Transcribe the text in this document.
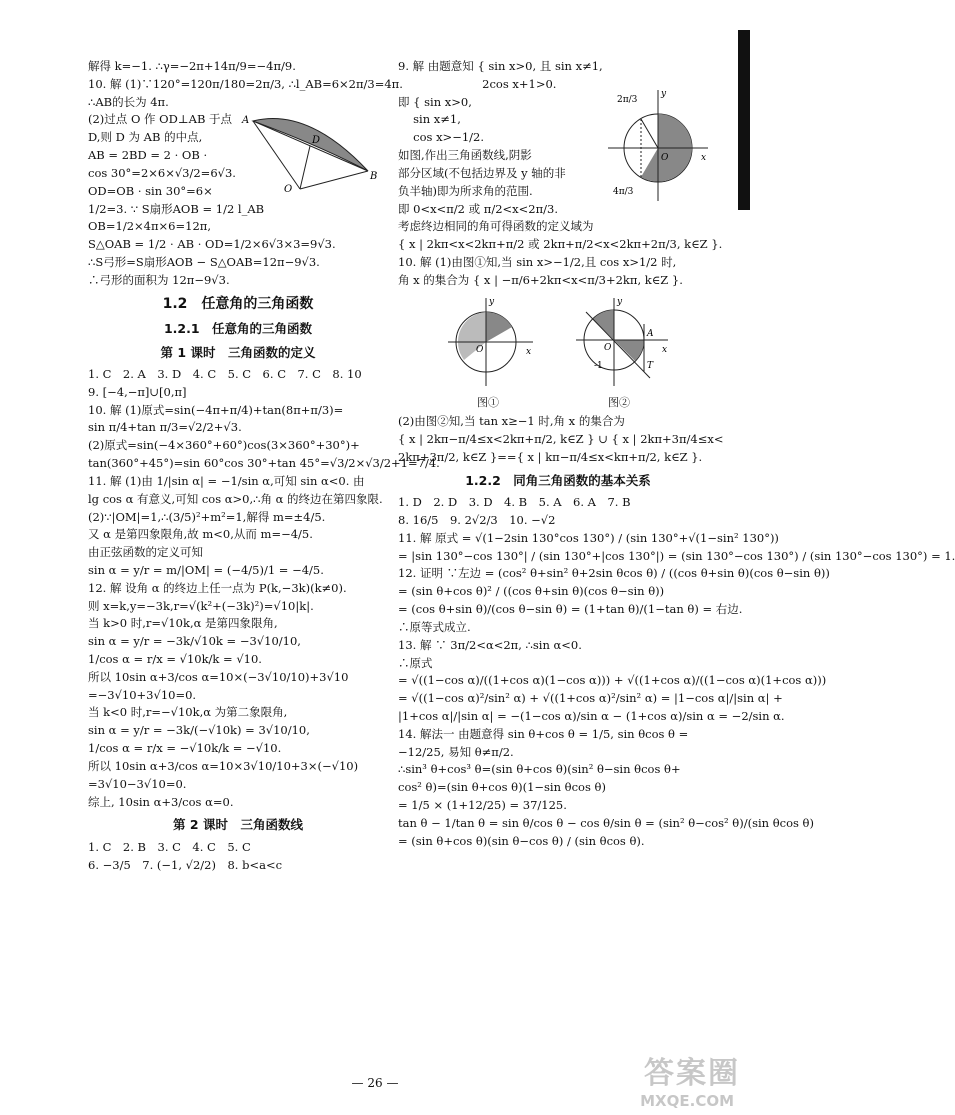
解得 k=−1. ∴γ=−2π+14π/9=−4π/9.

10. 解 (1)∵120°=120π/180=2π/3, ∴l_AB=6×2π/3=4π.

∴AB的长为 4π.

(2)过点 O 作 OD⊥AB 于点

D,则 D 为 AB 的中点,

AB = 2BD = 2 · OB ·

cos 30°=2×6×√3/2=6√3.

OD=OB · sin 30°=6×

1/2=3. ∵ S扇形AOB = 1/2 l_AB

A
D
O
B

OB=1/2×4π×6=12π,

S△OAB = 1/2 · AB · OD=1/2×6√3×3=9√3.

∴S弓形=S扇形AOB − S△OAB=12π−9√3.

∴弓形的面积为 12π−9√3.

1.2　任意角的三角函数

1.2.1　任意角的三角函数

第 1 课时　三角函数的定义

1. C　2. A　3. D　4. C　5. C　6. C　7. C　8. 10

9. [−4,−π]∪[0,π]

10. 解 (1)原式=sin(−4π+π/4)+tan(8π+π/3)=

sin π/4+tan π/3=√2/2+√3.

(2)原式=sin(−4×360°+60°)cos(3×360°+30°)+

tan(360°+45°)=sin 60°cos 30°+tan 45°=√3/2×√3/2+1=7/4.

11. 解 (1)由 1/|sin α| = −1/sin α,可知 sin α<0. 由

lg cos α 有意义,可知 cos α>0,∴角 α 的终边在第四象限.

(2)∵|OM|=1,∴(3/5)²+m²=1,解得 m=±4/5.

又 α 是第四象限角,故 m<0,从而 m=−4/5.

由正弦函数的定义可知

sin α = y/r = m/|OM| = (−4/5)/1 = −4/5.

12. 解 设角 α 的终边上任一点为 P(k,−3k)(k≠0).

则 x=k,y=−3k,r=√(k²+(−3k)²)=√10|k|.

当 k>0 时,r=√10k,α 是第四象限角,

sin α = y/r = −3k/√10k = −3√10/10,

1/cos α = r/x = √10k/k = √10.

所以 10sin α+3/cos α=10×(−3√10/10)+3√10

=−3√10+3√10=0.

当 k<0 时,r=−√10k,α 为第二象限角,

sin α = y/r = −3k/(−√10k) = 3√10/10,

1/cos α = r/x = −√10k/k = −√10.

所以 10sin α+3/cos α=10×3√10/10+3×(−√10)

=3√10−3√10=0.

综上, 10sin α+3/cos α=0.

第 2 课时　三角函数线

1. C　2. B　3. C　4. C　5. C

6. −3/5　7. (−1, √2/2)　8. b<a<c

9. 解 由题意知 { sin x>0, 且 sin x≠1,

　　　　　　　 2cos x+1>0.

即 { sin x>0,

　 sin x≠1,

　 cos x>−1/2.

如图,作出三角函数线,阴影

部分区域(不包括边界及 y 轴的非

负半轴)即为所求角的范围.

2π/3
4π/3
y
x
O

即 0<x<π/2 或 π/2<x<2π/3.

考虑终边相同的角可得函数的定义域为

{ x | 2kπ<x<2kπ+π/2 或 2kπ+π/2<x<2kπ+2π/3, k∈Z }.

10. 解 (1)由图①知,当 sin x>−1/2,且 cos x>1/2 时,

角 x 的集合为 { x | −π/6+2kπ<x<π/3+2kπ, k∈Z }.

y
x
O
图①
y
x
O
A
T
-1
图②

(2)由图②知,当 tan x≥−1 时,角 x 的集合为

{ x | 2kπ−π/4≤x<2kπ+π/2, k∈Z } ∪ { x | 2kπ+3π/4≤x<

2kπ+3π/2, k∈Z }=={ x | kπ−π/4≤x<kπ+π/2, k∈Z }.

1.2.2　同角三角函数的基本关系

1. D　2. D　3. D　4. B　5. A　6. A　7. B

8. 16/5　9. 2√2/3　10. −√2

11. 解 原式 = √(1−2sin 130°cos 130°) / (sin 130°+√(1−sin² 130°))

= |sin 130°−cos 130°| / (sin 130°+|cos 130°|) = (sin 130°−cos 130°) / (sin 130°−cos 130°) = 1.

12. 证明 ∵左边 = (cos² θ+sin² θ+2sin θcos θ) / ((cos θ+sin θ)(cos θ−sin θ))

= (sin θ+cos θ)² / ((cos θ+sin θ)(cos θ−sin θ))

= (cos θ+sin θ)/(cos θ−sin θ) = (1+tan θ)/(1−tan θ) = 右边.

∴原等式成立.

13. 解 ∵ 3π/2<α<2π, ∴sin α<0.

∴原式

= √((1−cos α)/((1+cos α)(1−cos α))) + √((1+cos α)/((1−cos α)(1+cos α)))

= √((1−cos α)²/sin² α) + √((1+cos α)²/sin² α) = |1−cos α|/|sin α| +

|1+cos α|/|sin α| = −(1−cos α)/sin α − (1+cos α)/sin α = −2/sin α.

14. 解法一 由题意得 sin θ+cos θ = 1/5, sin θcos θ =

−12/25, 易知 θ≠π/2.

∴sin³ θ+cos³ θ=(sin θ+cos θ)(sin² θ−sin θcos θ+

cos² θ)=(sin θ+cos θ)(1−sin θcos θ)

= 1/5 × (1+12/25) = 37/125.

tan θ − 1/tan θ = sin θ/cos θ − cos θ/sin θ = (sin² θ−cos² θ)/(sin θcos θ)

= (sin θ+cos θ)(sin θ−cos θ) / (sin θcos θ).

— 26 —	答案圈
MXQE.COM
